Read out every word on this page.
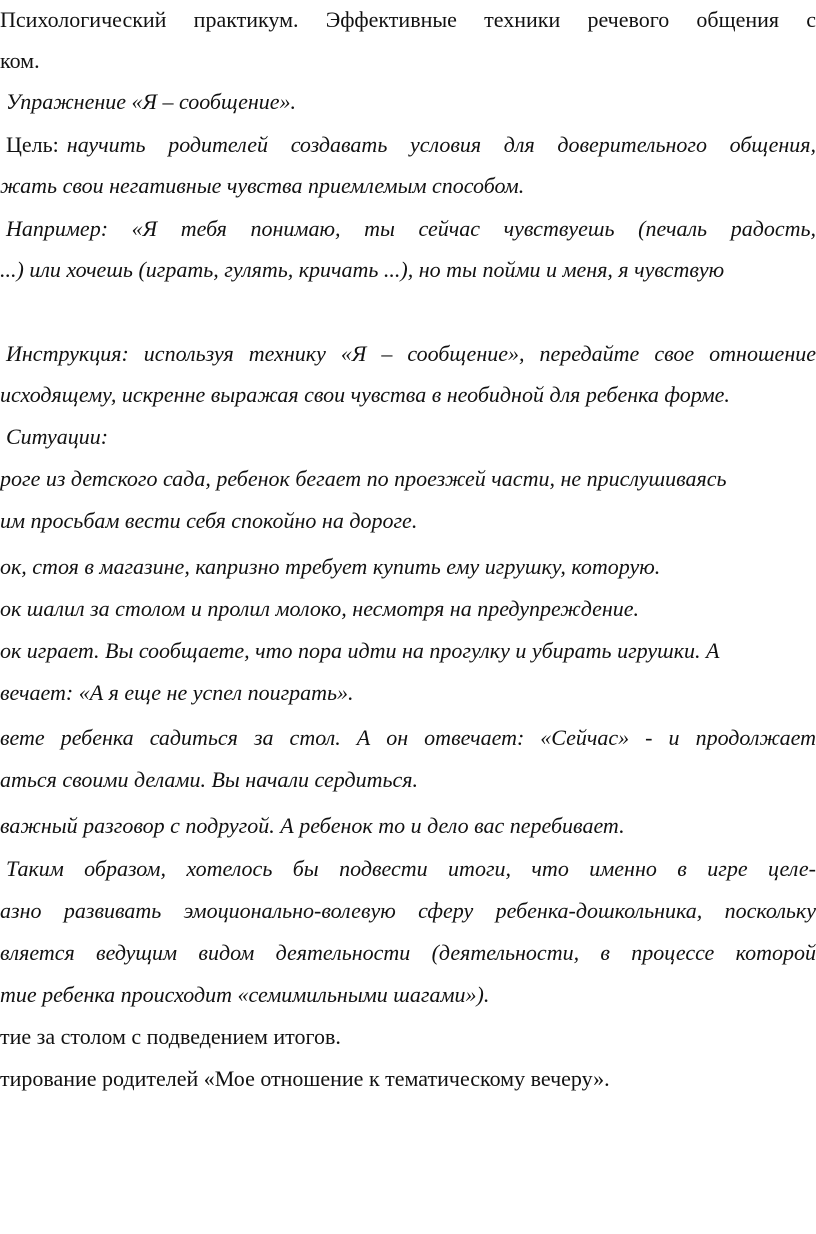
Психологический практикум. Эффективные техники речевого общения с
ком.
Упражнение «Я – сообщение».
Цель: научить родителей создавать условия для доверительного общения,
жать свои негативные чувства приемлемым способом.
Например: «Я тебя понимаю, ты сейчас чувствуешь (печаль радость,
...) или хочешь (играть, гулять, кричать ...), но ты пойми и меня, я чувствую
Инструкция: используя технику «Я – сообщение», передайте свое отношение
исходящему, искренне выражая свои чувства в необидной для ребенка форме.
Ситуации:
роге из детского сада, ребенок бегает по проезжей части, не прислушиваясь
им просьбам вести себя спокойно на дороге.
ок, стоя в магазине, капризно требует купить ему игрушку, которую.
ок шалил за столом и пролил молоко, несмотря на предупреждение.
ок играет. Вы сообщаете, что пора идти на прогулку и убирать игрушки. А
вечает: «А я еще не успел поиграть».
вете ребенка садиться за стол. А он отвечает: «Сейчас» - и продолжает
аться своими делами. Вы начали сердиться.
важный разговор с подругой. А ребенок то и дело вас перебивает.
Таким образом, хотелось бы подвести итоги, что именно в игре целе-
азно развивать эмоционально-волевую сферу ребенка-дошкольника, поскольку
вляется ведущим видом деятельности (деятельности, в процессе которой
тие ребенка происходит «семимильными шагами»).
тие за столом с подведением итогов.
тирование родителей «Мое отношение к тематическому вечеру».
